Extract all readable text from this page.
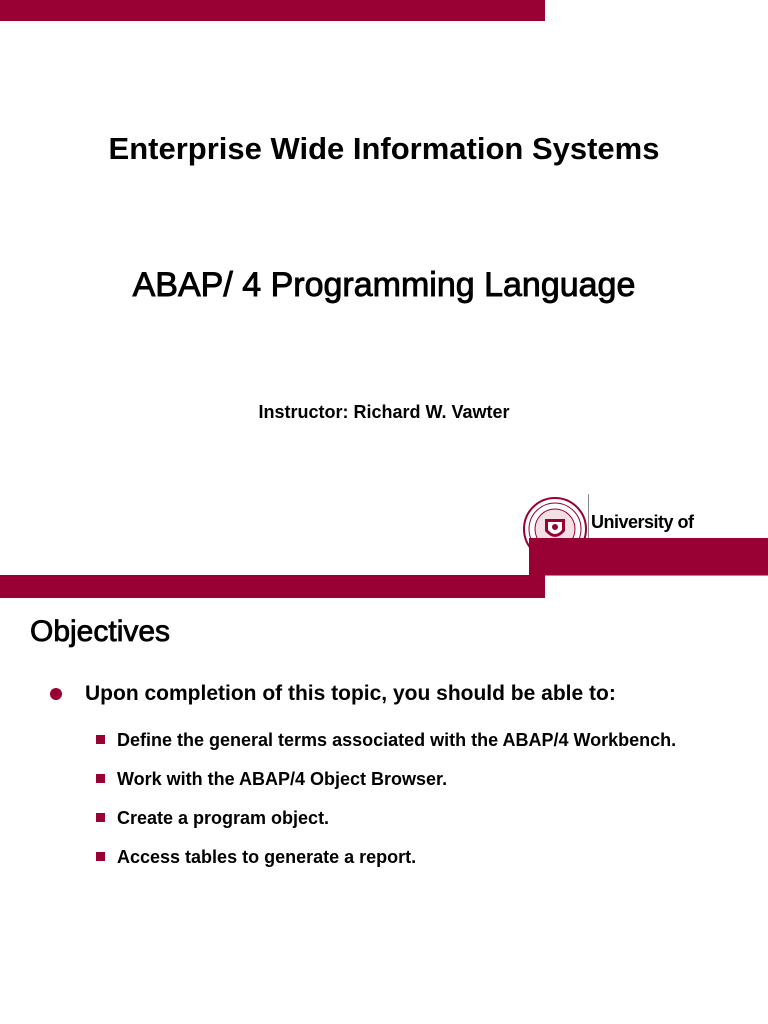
Enterprise Wide Information Systems
ABAP/ 4 Programming Language
Instructor: Richard W. Vawter
University of
Objectives
Upon completion of this topic, you should be able to:
Define the general terms associated with the ABAP/4 Workbench.
Work with the ABAP/4 Object Browser.
Create a program object.
Access tables to generate a report.
